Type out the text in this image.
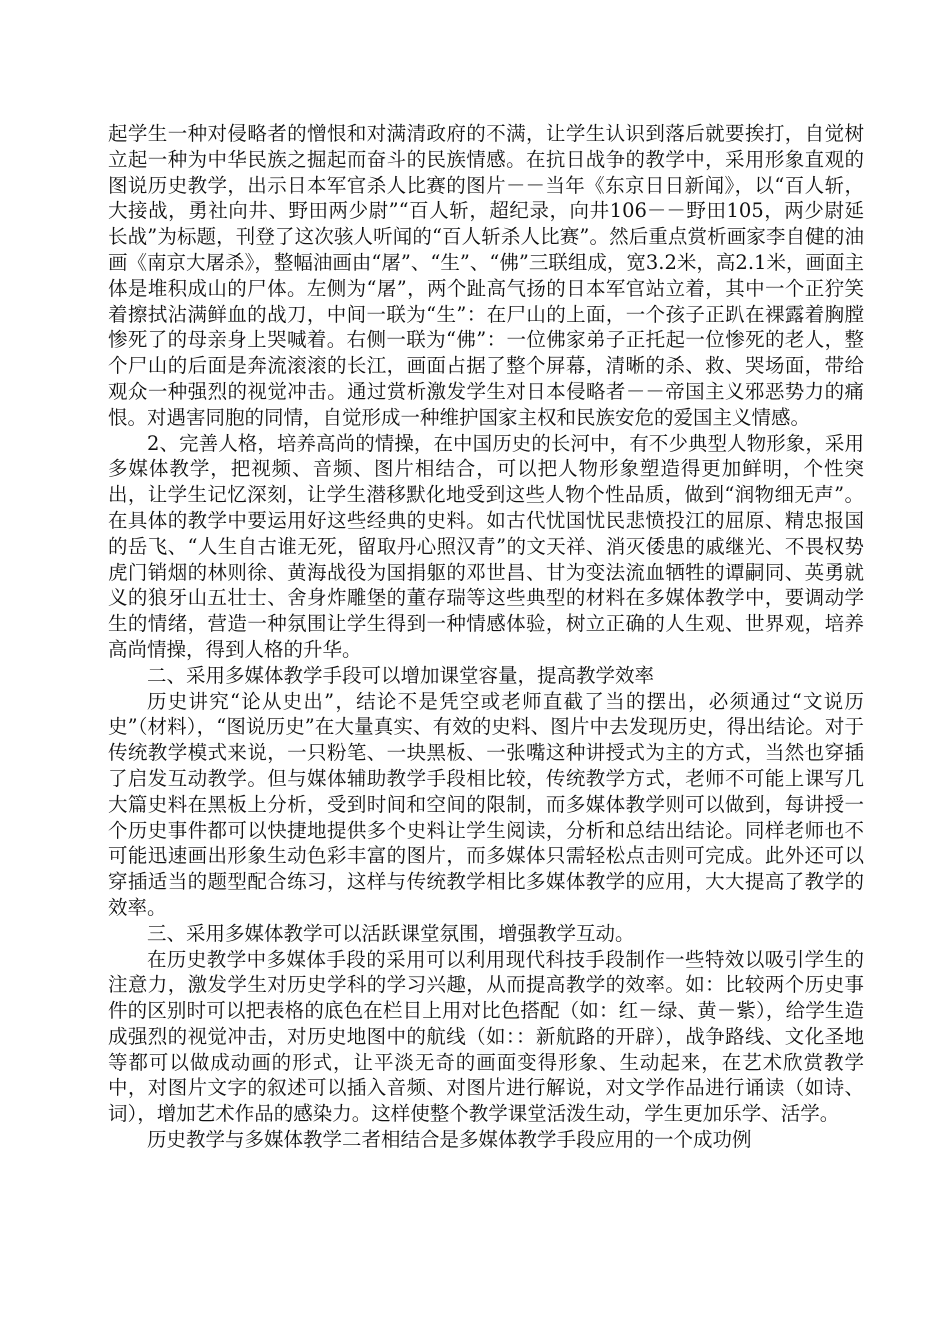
起学生一种对侵略者的憎恨和对满清政府的不满，让学生认识到落后就要挨打，自觉树立起一种为中华民族之掘起而奋斗的民族情感。在抗日战争的教学中，采用形象直观的图说历史教学，出示日本军官杀人比赛的图片－－当年《东京日日新闻》，以“百人斩，大接战，勇社向井、野田两少尉”“百人斩，超纪录，向井106－－野田105，两少尉延长战”为标题，刊登了这次骇人听闻的“百人斩杀人比赛”。然后重点赏析画家李自健的油画《南京大屠杀》，整幅油画由“屠”、“生”、“佛”三联组成，宽3.2米，高2.1米，画面主体是堆积成山的尸体。左侧为“屠”，两个趾高气扬的日本军官站立着，其中一个正狞笑着擦拭沾满鲜血的战刀，中间一联为“生”：在尸山的上面，一个孩子正趴在裸露着胸膛惨死了的母亲身上哭喊着。右侧一联为“佛”：一位佛家弟子正托起一位惨死的老人，整个尸山的后面是奔流滚滚的长江，画面占据了整个屏幕，清晰的杀、救、哭场面，带给观众一种强烈的视觉冲击。通过赏析激发学生对日本侵略者－－帝国主义邪恶势力的痛恨。对遇害同胞的同情，自觉形成一种维护国家主权和民族安危的爱国主义情感。

2、完善人格，培养高尚的情操，在中国历史的长河中，有不少典型人物形象，采用多媒体教学，把视频、音频、图片相结合，可以把人物形象塑造得更加鲜明，个性突出，让学生记忆深刻，让学生潜移默化地受到这些人物个性品质，做到“润物细无声”。在具体的教学中要运用好这些经典的史料。如古代忧国忧民悲愤投江的屈原、精忠报国的岳飞、“人生自古谁无死，留取丹心照汉青”的文天祥、消灭倭患的戚继光、不畏权势虎门销烟的林则徐、黄海战役为国捐躯的邓世昌、甘为变法流血牺牲的谭嗣同、英勇就义的狼牙山五壮士、舍身炸雕堡的董存瑞等这些典型的材料在多媒体教学中，要调动学生的情绪，营造一种氛围让学生得到一种情感体验，树立正确的人生观、世界观，培养高尚情操，得到人格的升华。

二、采用多媒体教学手段可以增加课堂容量，提高教学效率

历史讲究“论从史出”，结论不是凭空或老师直截了当的摆出，必须通过“文说历史”（材料），“图说历史”在大量真实、有效的史料、图片中去发现历史，得出结论。对于传统教学模式来说，一只粉笔、一块黑板、一张嘴这种讲授式为主的方式，当然也穿插了启发互动教学。但与媒体辅助教学手段相比较，传统教学方式，老师不可能上课写几大篇史料在黑板上分析，受到时间和空间的限制，而多媒体教学则可以做到，每讲授一个历史事件都可以快捷地提供多个史料让学生阅读，分析和总结出结论。同样老师也不可能迅速画出形象生动色彩丰富的图片，而多媒体只需轻松点击则可完成。此外还可以穿插适当的题型配合练习，这样与传统教学相比多媒体教学的应用，大大提高了教学的效率。

三、采用多媒体教学可以活跃课堂氛围，增强教学互动。

在历史教学中多媒体手段的采用可以利用现代科技手段制作一些特效以吸引学生的注意力，激发学生对历史学科的学习兴趣，从而提高教学的效率。如：比较两个历史事件的区别时可以把表格的底色在栏目上用对比色搭配（如：红－绿、黄－紫），给学生造成强烈的视觉冲击，对历史地图中的航线（如：：新航路的开辟），战争路线、文化圣地等都可以做成动画的形式，让平淡无奇的画面变得形象、生动起来，在艺术欣赏教学中，对图片文字的叙述可以插入音频、对图片进行解说，对文学作品进行诵读（如诗、词），增加艺术作品的感染力。这样使整个教学课堂活泼生动，学生更加乐学、活学。

历史教学与多媒体教学二者相结合是多媒体教学手段应用的一个成功例
